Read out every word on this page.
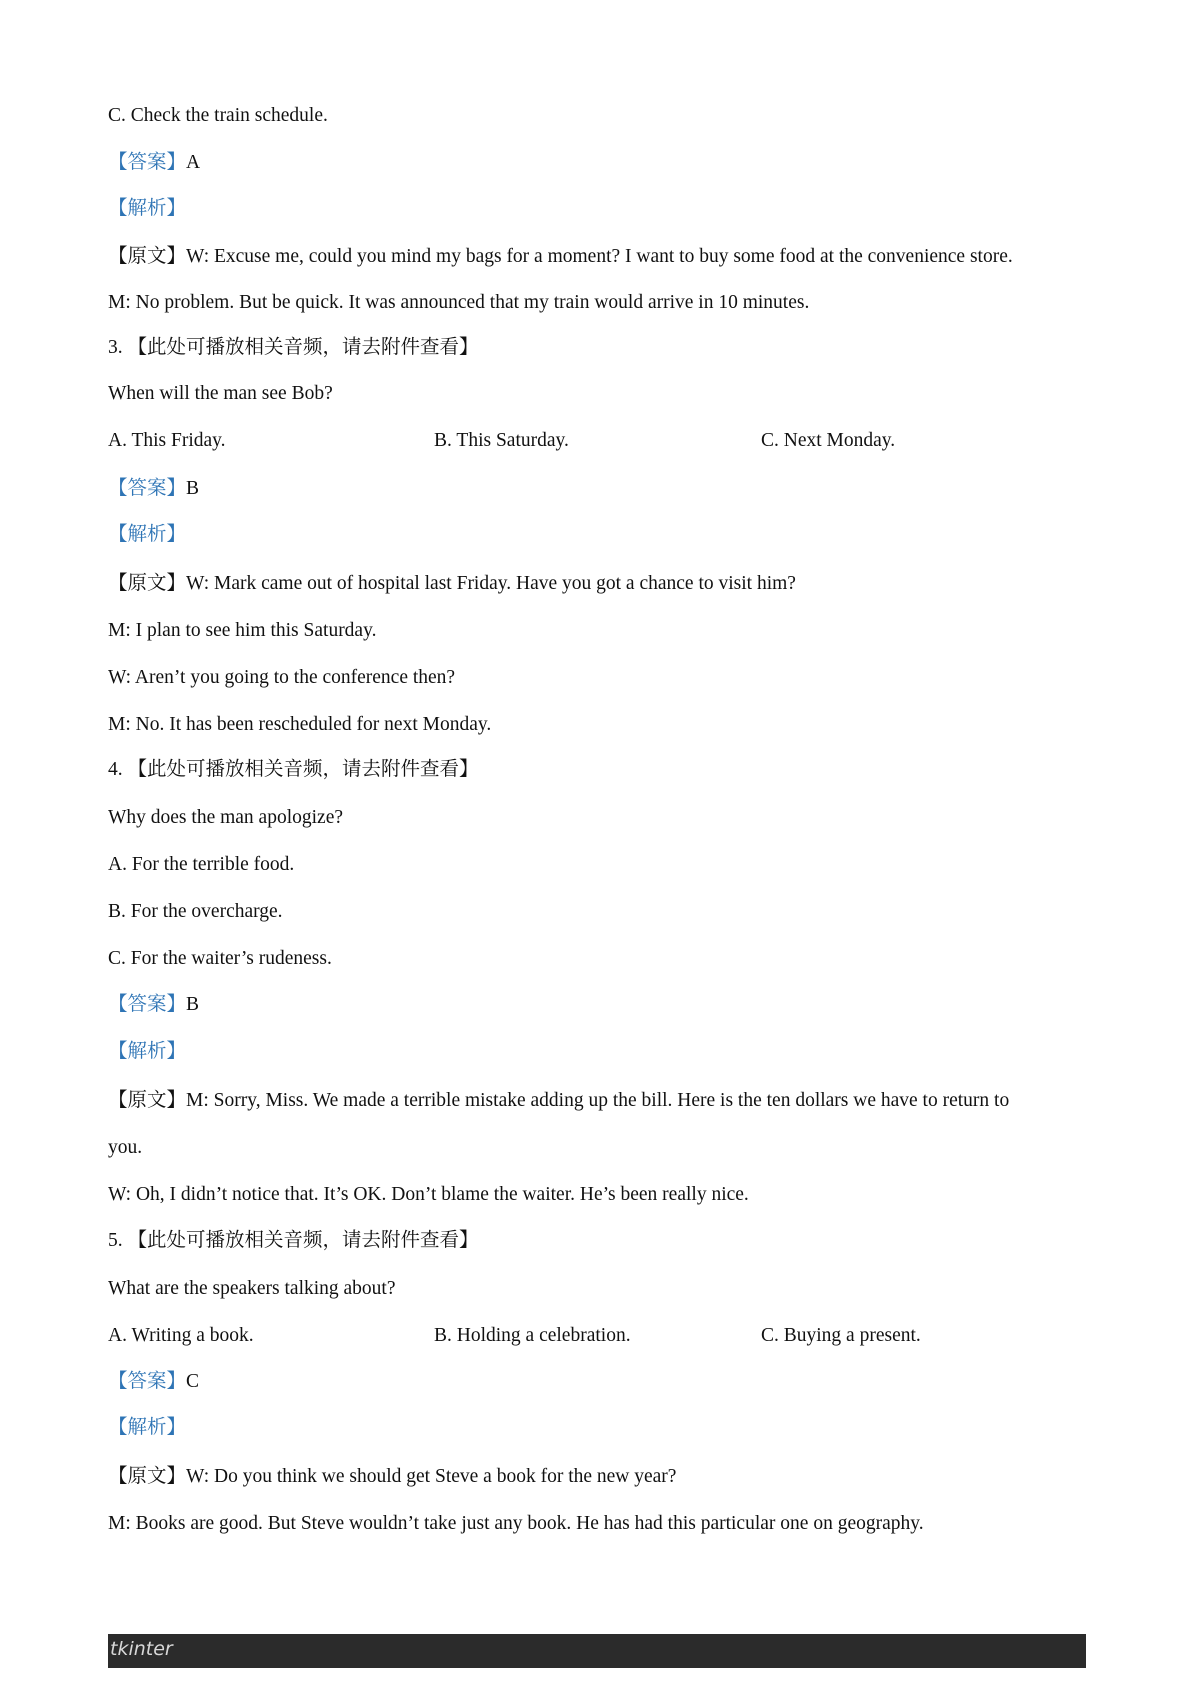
C. Check the train schedule.
【答案】A
【解析】
【原文】W: Excuse me, could you mind my bags for a moment? I want to buy some food at the convenience store.
M: No problem. But be quick. It was announced that my train would arrive in 10 minutes.
3. 【此处可播放相关音频，请去附件查看】
When will the man see Bob?
A. This Friday.	B. This Saturday.	C. Next Monday.
【答案】B
【解析】
【原文】W: Mark came out of hospital last Friday. Have you got a chance to visit him?
M: I plan to see him this Saturday.
W: Aren’t you going to the conference then?
M: No. It has been rescheduled for next Monday.
4. 【此处可播放相关音频，请去附件查看】
Why does the man apologize?
A. For the terrible food.
B. For the overcharge.
C. For the waiter’s rudeness.
【答案】B
【解析】
【原文】M: Sorry, Miss. We made a terrible mistake adding up the bill. Here is the ten dollars we have to return to
you.
W: Oh, I didn’t notice that. It’s OK. Don’t blame the waiter. He’s been really nice.
5. 【此处可播放相关音频，请去附件查看】
What are the speakers talking about?
A. Writing a book.	B. Holding a celebration.	C. Buying a present.
【答案】C
【解析】
【原文】W: Do you think we should get Steve a book for the new year?
M: Books are good. But Steve wouldn’t take just any book. He has had this particular one on geography.
tkinter
